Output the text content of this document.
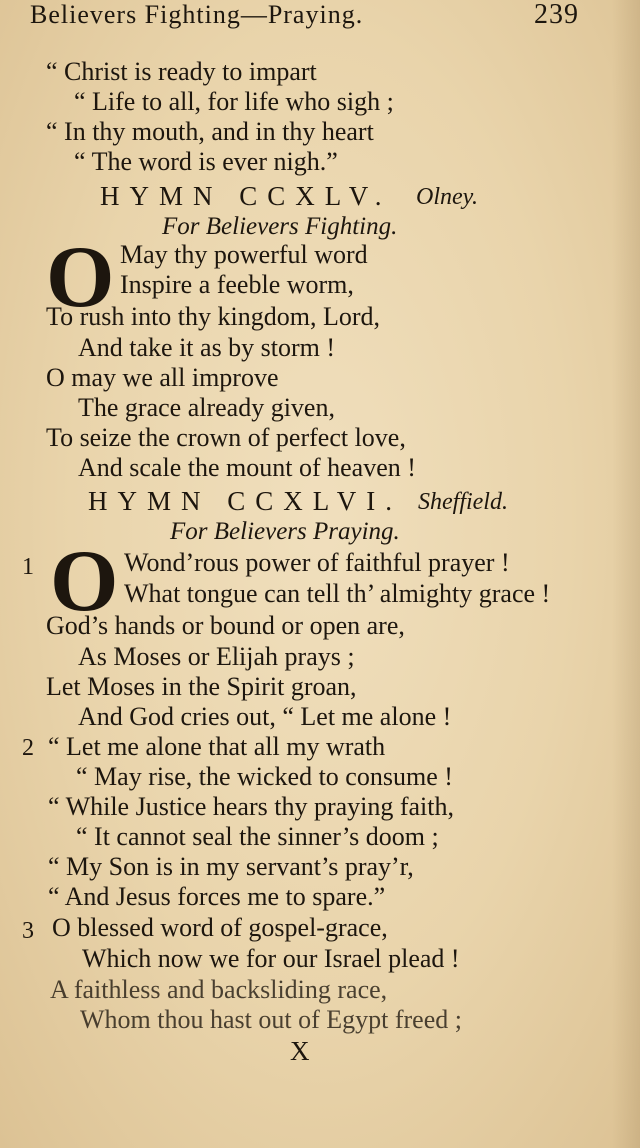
Believers Fighting—Praying.	239
“ Christ is ready to impart
“ Life to all, for life who sigh ;
“ In thy mouth, and in thy heart
“ The word is ever nigh.”
HYMN CCXLV. Olney.
For Believers Fighting.
O May thy powerful word
Inspire a feeble worm,
To rush into thy kingdom, Lord,
And take it as by storm !
O may we all improve
The grace already given,
To seize the crown of perfect love,
And scale the mount of heaven !
HYMN CCXLVI. Sheffield.
For Believers Praying.
1 O Wond’rous power of faithful prayer !
What tongue can tell th’ almighty grace !
God’s hands or bound or open are,
As Moses or Elijah prays ;
Let Moses in the Spirit groan,
And God cries out, “ Let me alone !
2 “ Let me alone that all my wrath
“ May rise, the wicked to consume !
“ While Justice hears thy praying faith,
“ It cannot seal the sinner’s doom ;
“ My Son is in my servant’s pray’r,
“ And Jesus forces me to spare.”
3 O blessed word of gospel-grace,
Which now we for our Israel plead !
A faithless and backsliding race,
Whom thou hast out of Egypt freed ;
X
